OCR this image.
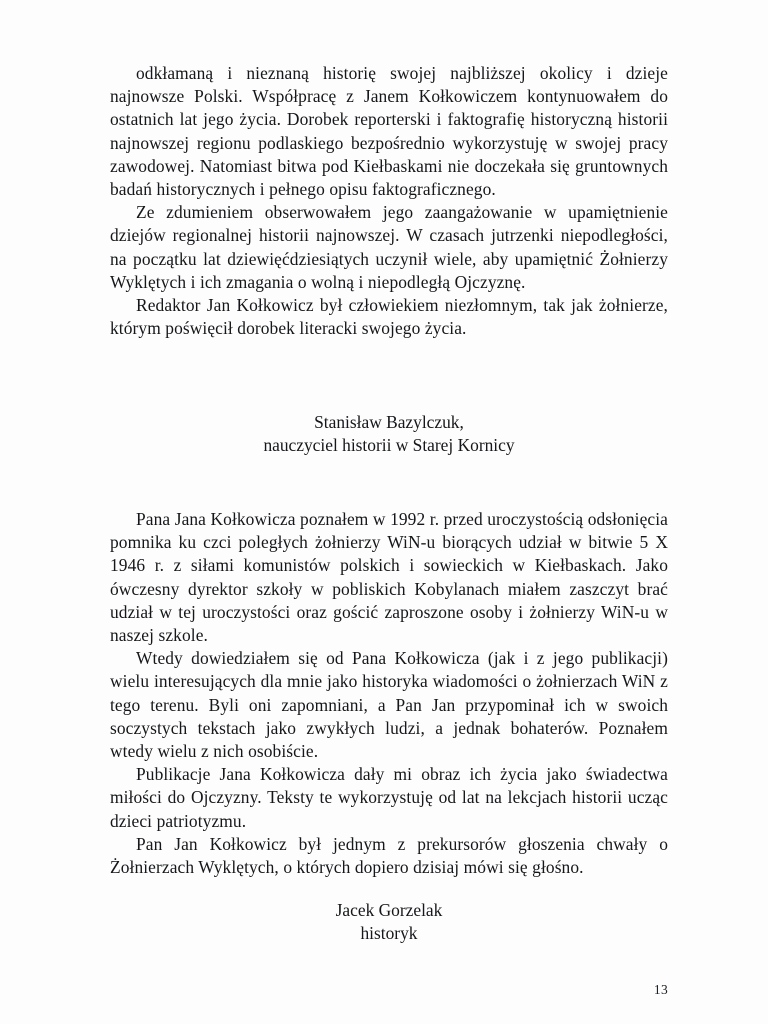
odkłamaną i nieznaną historię swojej najbliższej okolicy i dzieje najnowsze Polski. Współpracę z Janem Kołkowiczem kontynuowałem do ostatnich lat jego życia. Dorobek reporterski i faktografię historyczną historii najnowszej regionu podlaskiego bezpośrednio wykorzystuję w swojej pracy zawodowej. Natomiast bitwa pod Kiełbaskami nie doczekała się gruntownych badań historycznych i pełnego opisu faktograficznego.

Ze zdumieniem obserwowałem jego zaangażowanie w upamiętnienie dziejów regionalnej historii najnowszej. W czasach jutrzenki niepodległości, na początku lat dziewięćdziesiątych uczynił wiele, aby upamiętnić Żołnierzy Wyklętych i ich zmagania o wolną i niepodległą Ojczyznę.

Redaktor Jan Kołkowicz był człowiekiem niezłomnym, tak jak żołnierze, którym poświęcił dorobek literacki swojego życia.

Stanisław Bazylczuk,
nauczyciel historii w Starej Kornicy

Pana Jana Kołkowicza poznałem w 1992 r. przed uroczystością odsłonięcia pomnika ku czci poległych żołnierzy WiN-u biorących udział w bitwie 5 X 1946 r. z siłami komunistów polskich i sowieckich w Kiełbaskach. Jako ówczesny dyrektor szkoły w pobliskich Kobylanach miałem zaszczyt brać udział w tej uroczystości oraz gościć zaproszone osoby i żołnierzy WiN-u w naszej szkole.

Wtedy dowiedziałem się od Pana Kołkowicza (jak i z jego publikacji) wielu interesujących dla mnie jako historyka wiadomości o żołnierzach WiN z tego terenu. Byli oni zapomniani, a Pan Jan przypominał ich w swoich soczystych tekstach jako zwykłych ludzi, a jednak bohaterów. Poznałem wtedy wielu z nich osobiście.

Publikacje Jana Kołkowicza dały mi obraz ich życia jako świadectwa miłości do Ojczyzny. Teksty te wykorzystuję od lat na lekcjach historii ucząc dzieci patriotyzmu.

Pan Jan Kołkowicz był jednym z prekursorów głoszenia chwały o Żołnierzach Wyklętych, o których dopiero dzisiaj mówi się głośno.

Jacek Gorzelak
historyk
13
